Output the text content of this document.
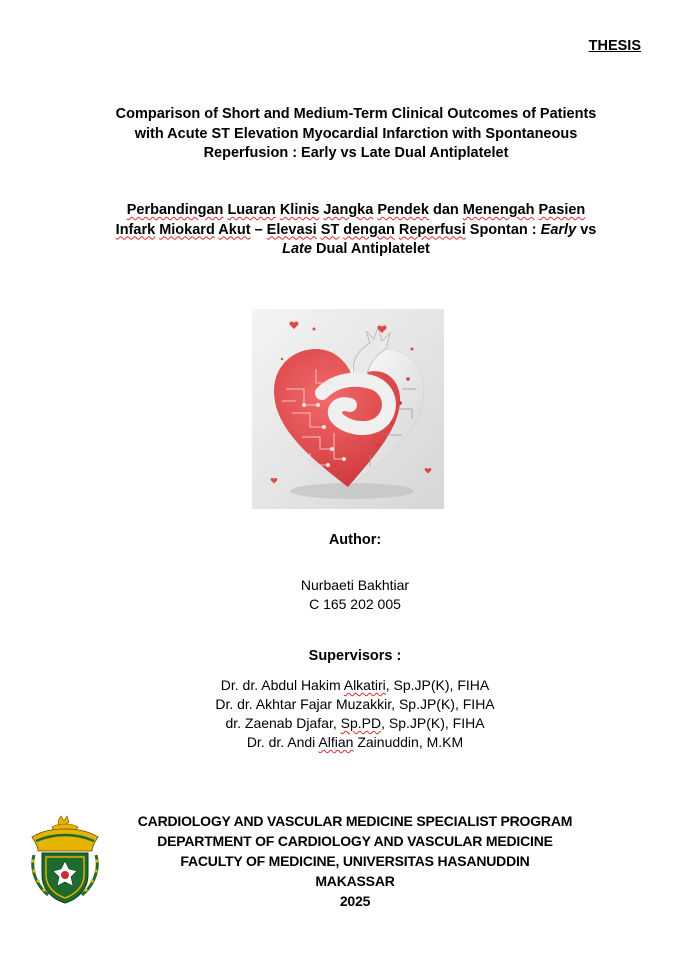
THESIS
Comparison of Short and Medium-Term Clinical Outcomes of Patients
with Acute ST Elevation Myocardial Infarction with Spontaneous
Reperfusion : Early vs Late Dual Antiplatelet
Perbandingan Luaran Klinis Jangka Pendek dan Menengah Pasien
Infark Miokard Akut – Elevasi ST dengan Reperfusi Spontan : Early vs
Late Dual Antiplatelet
Author:
Nurbaeti Bakhtiar
C 165 202 005
Supervisors :
Dr. dr. Abdul Hakim Alkatiri, Sp.JP(K), FIHA
Dr. dr. Akhtar Fajar Muzakkir, Sp.JP(K), FIHA
dr. Zaenab Djafar, Sp.PD, Sp.JP(K), FIHA
Dr. dr. Andi Alfian Zainuddin, M.KM
CARDIOLOGY AND VASCULAR MEDICINE SPECIALIST PROGRAM
DEPARTMENT OF CARDIOLOGY AND VASCULAR MEDICINE
FACULTY OF MEDICINE, UNIVERSITAS HASANUDDIN
MAKASSAR
2025
